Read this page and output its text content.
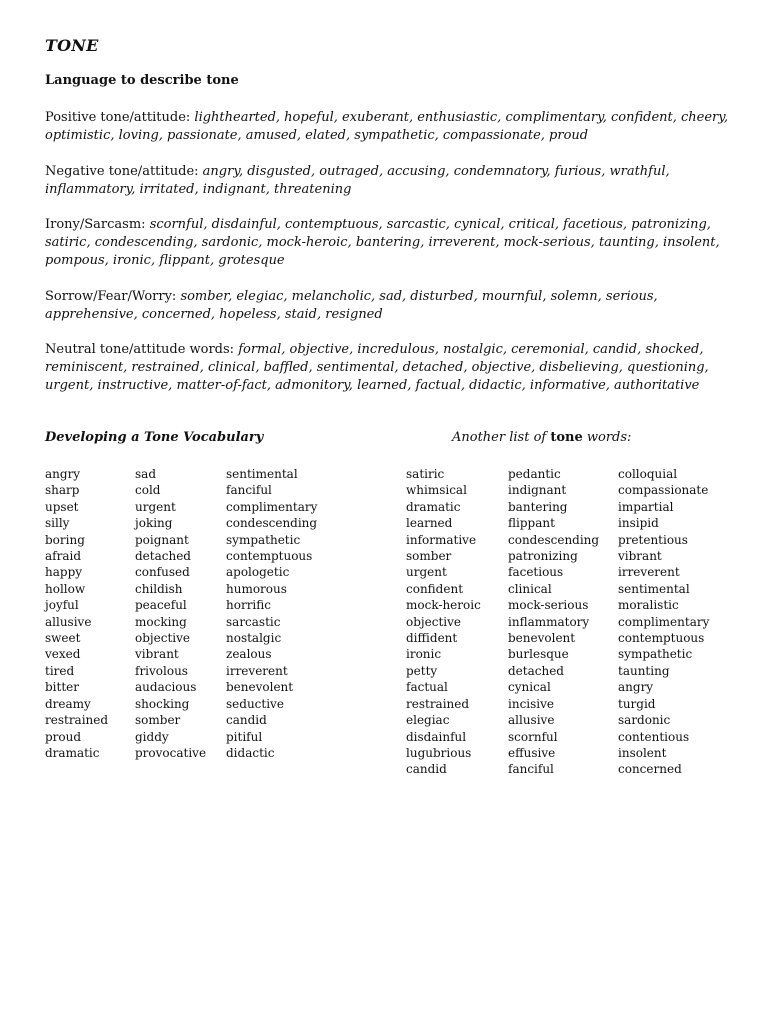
TONE
Language to describe tone
Positive tone/attitude: lighthearted, hopeful, exuberant, enthusiastic, complimentary, confident, cheery, optimistic, loving, passionate, amused, elated, sympathetic, compassionate, proud
Negative tone/attitude: angry, disgusted, outraged, accusing, condemnatory, furious, wrathful, inflammatory, irritated, indignant, threatening
Irony/Sarcasm: scornful, disdainful, contemptuous, sarcastic, cynical, critical, facetious, patronizing, satiric, condescending, sardonic, mock-heroic, bantering, irreverent, mock-serious, taunting, insolent, pompous, ironic, flippant, grotesque
Sorrow/Fear/Worry: somber, elegiac, melancholic, sad, disturbed, mournful, solemn, serious, apprehensive, concerned, hopeless, staid, resigned
Neutral tone/attitude words: formal, objective, incredulous, nostalgic, ceremonial, candid, shocked, reminiscent, restrained, clinical, baffled, sentimental, detached, objective, disbelieving, questioning, urgent, instructive, matter-of-fact, admonitory, learned, factual, didactic, informative, authoritative
Developing a Tone Vocabulary	Another list of tone words:
angry
sharp
upset
silly
boring
afraid
happy
hollow
joyful
allusive
sweet
vexed
tired
bitter
dreamy
restrained
proud
dramatic
sad
cold
urgent
joking
poignant
detached
confused
childish
peaceful
mocking
objective
vibrant
frivolous
audacious
shocking
somber
giddy
provocative
sentimental
fanciful
complimentary
condescending
sympathetic
contemptuous
apologetic
humorous
horrific
sarcastic
nostalgic
zealous
irreverent
benevolent
seductive
candid
pitiful
didactic
satiric
whimsical
dramatic
learned
informative
somber
urgent
confident
mock-heroic
objective
diffident
ironic
petty
factual
restrained
elegiac
disdainful
lugubrious
candid
pedantic
indignant
bantering
flippant
condescending
patronizing
facetious
clinical
mock-serious
inflammatory
benevolent
burlesque
detached
cynical
incisive
allusive
scornful
effusive
fanciful
colloquial
compassionate
impartial
insipid
pretentious
vibrant
irreverent
sentimental
moralistic
complimentary
contemptuous
sympathetic
taunting
angry
turgid
sardonic
contentious
insolent
concerned
